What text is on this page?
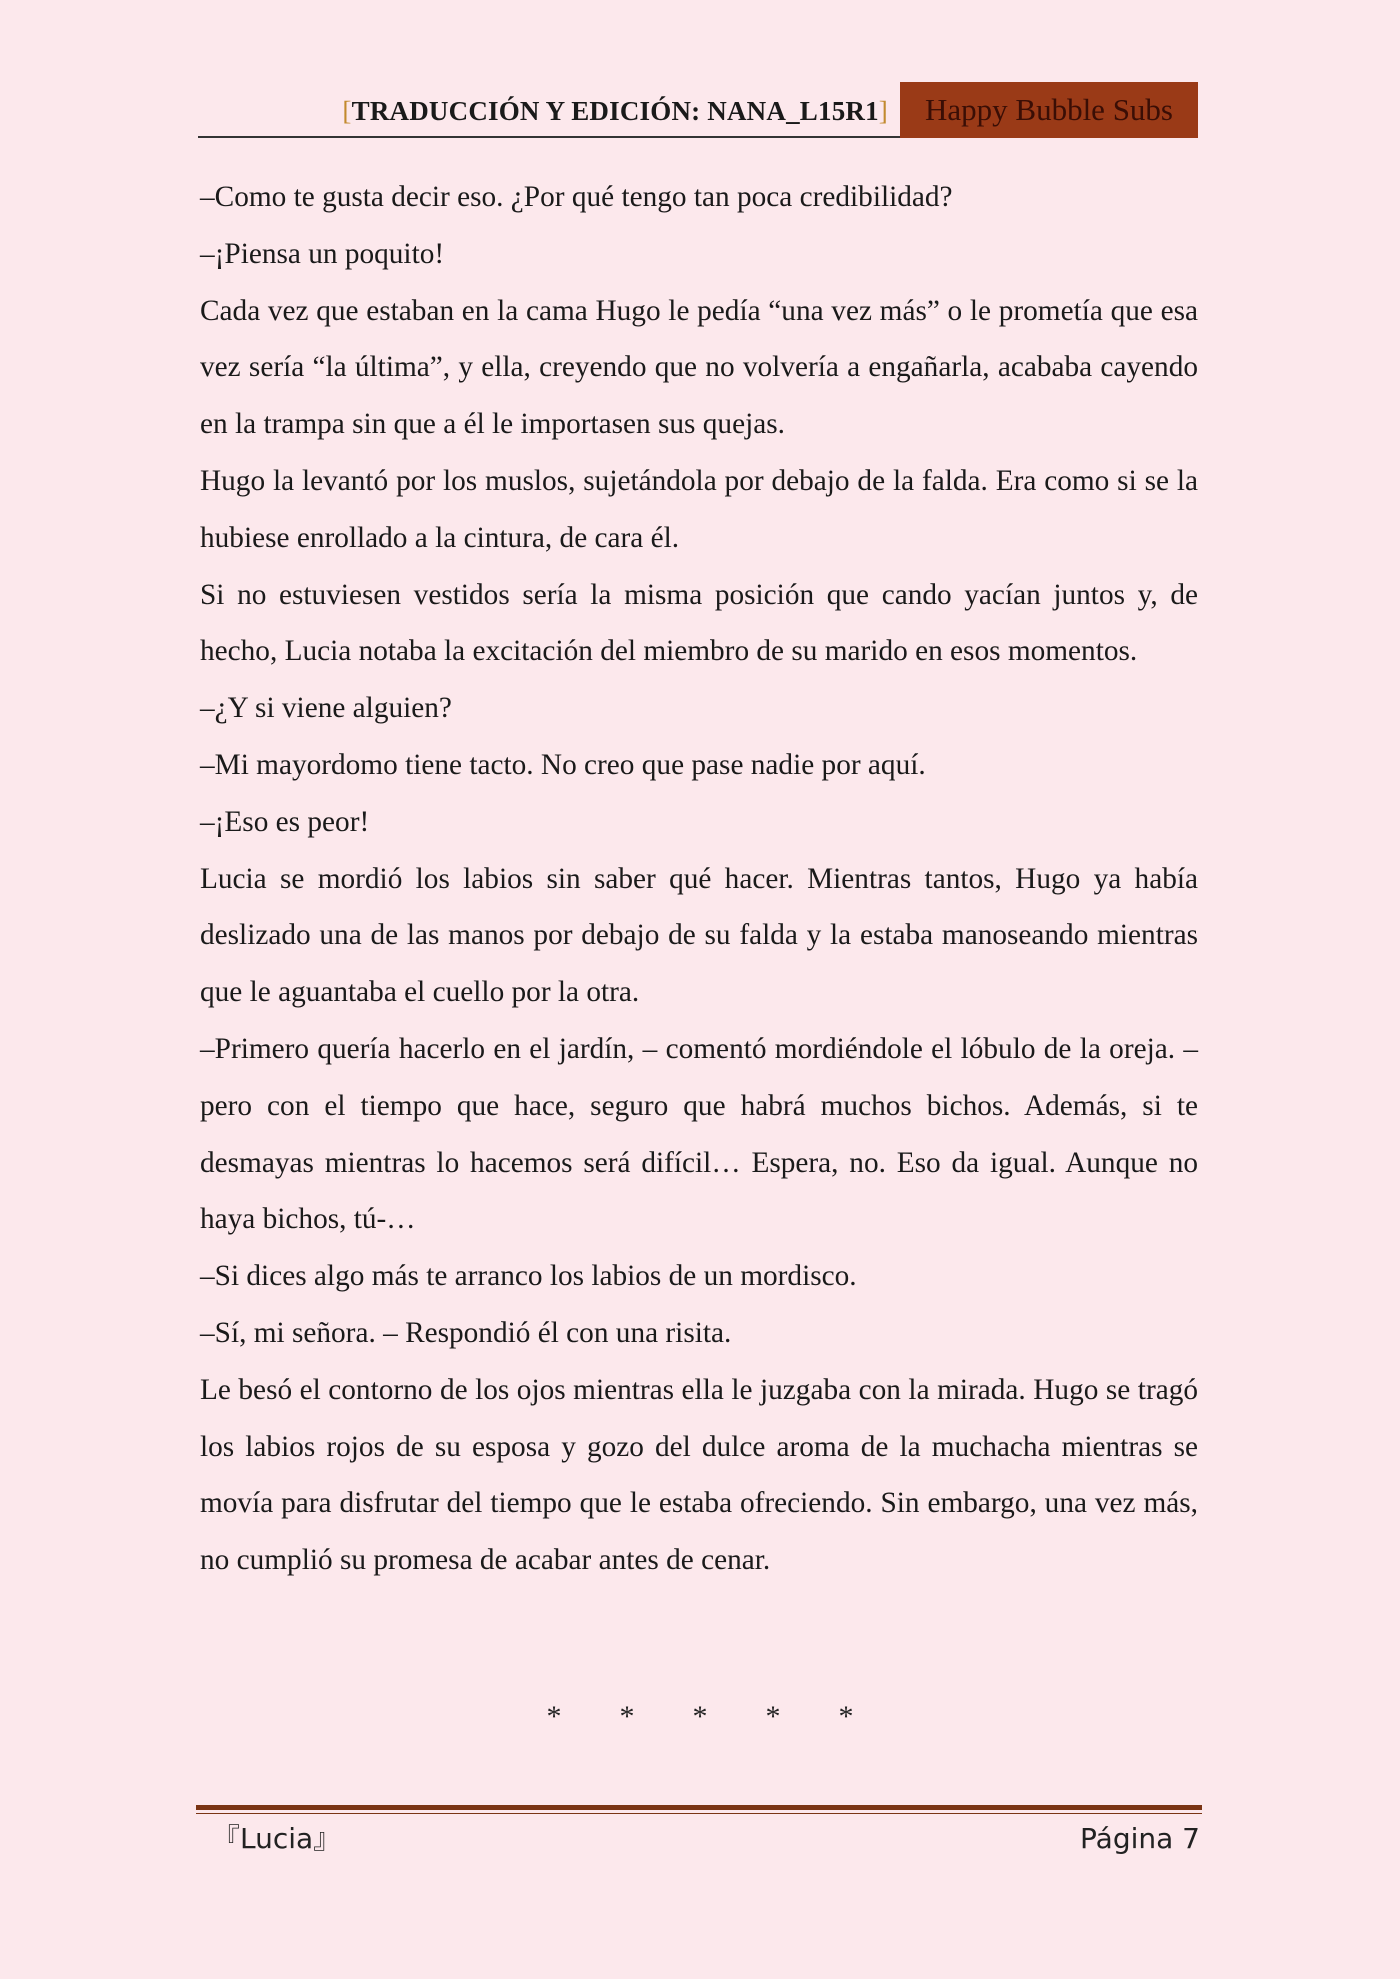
[TRADUCCIÓN Y EDICIÓN: NANA_L15R1]	Happy Bubble Subs

–Como te gusta decir eso. ¿Por qué tengo tan poca credibilidad?

–¡Piensa un poquito!

Cada vez que estaban en la cama Hugo le pedía “una vez más” o le prometía que esa vez sería “la última”, y ella, creyendo que no volvería a engañarla, acababa cayendo en la trampa sin que a él le importasen sus quejas.

Hugo la levantó por los muslos, sujetándola por debajo de la falda. Era como si se la hubiese enrollado a la cintura, de cara él.

Si no estuviesen vestidos sería la misma posición que cando yacían juntos y, de hecho, Lucia notaba la excitación del miembro de su marido en esos momentos.

–¿Y si viene alguien?

–Mi mayordomo tiene tacto. No creo que pase nadie por aquí.

–¡Eso es peor!

Lucia se mordió los labios sin saber qué hacer. Mientras tantos, Hugo ya había deslizado una de las manos por debajo de su falda y la estaba manoseando mientras que le aguantaba el cuello por la otra.

–Primero quería hacerlo en el jardín, – comentó mordiéndole el lóbulo de la oreja. – pero con el tiempo que hace, seguro que habrá muchos bichos. Además, si te desmayas mientras lo hacemos será difícil… Espera, no. Eso da igual. Aunque no haya bichos, tú-…

–Si dices algo más te arranco los labios de un mordisco.

–Sí, mi señora. – Respondió él con una risita.

Le besó el contorno de los ojos mientras ella le juzgaba con la mirada. Hugo se tragó los labios rojos de su esposa y gozo del dulce aroma de la muchacha mientras se movía para disfrutar del tiempo que le estaba ofreciendo. Sin embargo, una vez más, no cumplió su promesa de acabar antes de cenar.

* * * * *
『Lucia』	Página 7
